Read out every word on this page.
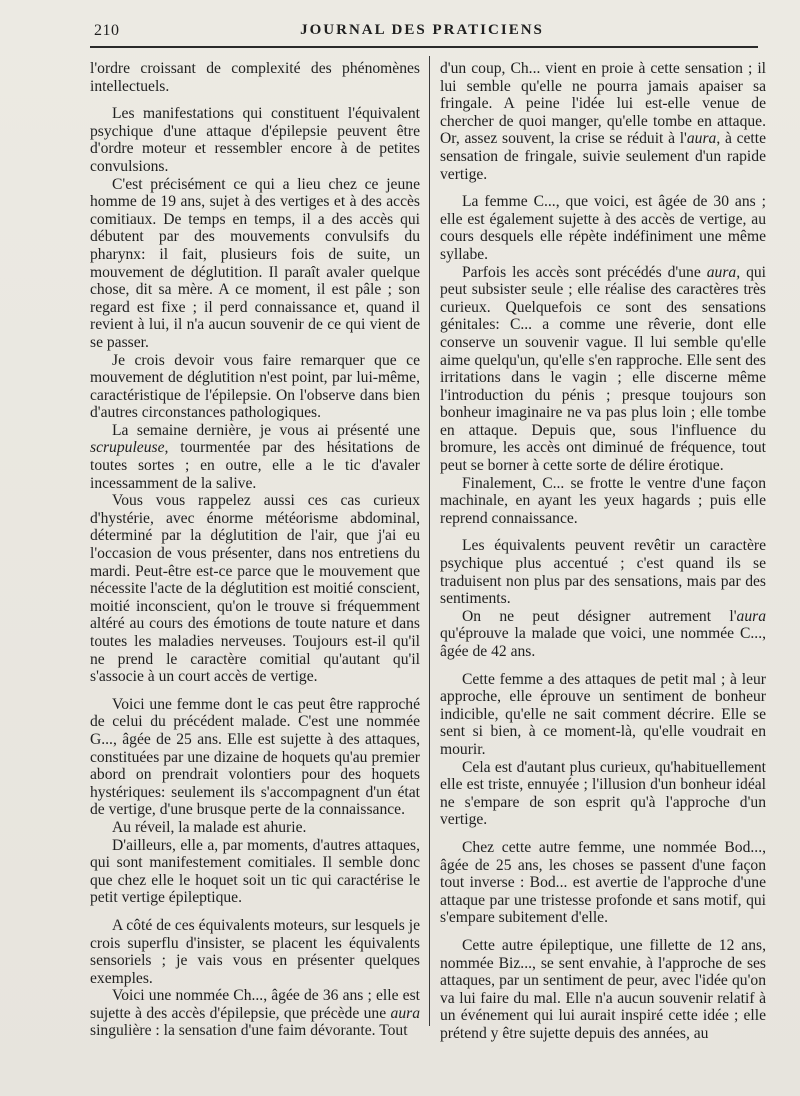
210	JOURNAL DES PRATICIENS

l'ordre croissant de complexité des phénomènes intellectuels.

Les manifestations qui constituent l'équivalent psychique d'une attaque d'épilepsie peuvent être d'ordre moteur et ressembler encore à de petites convulsions.

C'est précisément ce qui a lieu chez ce jeune homme de 19 ans, sujet à des vertiges et à des accès comitiaux. De temps en temps, il a des accès qui débutent par des mouvements convulsifs du pharynx: il fait, plusieurs fois de suite, un mouvement de déglutition. Il paraît avaler quelque chose, dit sa mère. A ce moment, il est pâle ; son regard est fixe ; il perd connaissance et, quand il revient à lui, il n'a aucun souvenir de ce qui vient de se passer.

Je crois devoir vous faire remarquer que ce mouvement de déglutition n'est point, par lui-même, caractéristique de l'épilepsie. On l'observe dans bien d'autres circonstances pathologiques.

La semaine dernière, je vous ai présenté une scrupuleuse, tourmentée par des hésitations de toutes sortes ; en outre, elle a le tic d'avaler incessamment de la salive.

Vous vous rappelez aussi ces cas curieux d'hystérie, avec énorme météorisme abdominal, déterminé par la déglutition de l'air, que j'ai eu l'occasion de vous présenter, dans nos entretiens du mardi. Peut-être est-ce parce que le mouvement que nécessite l'acte de la déglutition est moitié conscient, moitié inconscient, qu'on le trouve si fréquemment altéré au cours des émotions de toute nature et dans toutes les maladies nerveuses. Toujours est-il qu'il ne prend le caractère comitial qu'autant qu'il s'associe à un court accès de vertige.

Voici une femme dont le cas peut être rapproché de celui du précédent malade. C'est une nommée G..., âgée de 25 ans. Elle est sujette à des attaques, constituées par une dizaine de hoquets qu'au premier abord on prendrait volontiers pour des hoquets hystériques: seulement ils s'accompagnent d'un état de vertige, d'une brusque perte de la connaissance.

Au réveil, la malade est ahurie.

D'ailleurs, elle a, par moments, d'autres attaques, qui sont manifestement comitiales. Il semble donc que chez elle le hoquet soit un tic qui caractérise le petit vertige épileptique.

A côté de ces équivalents moteurs, sur lesquels je crois superflu d'insister, se placent les équivalents sensoriels ; je vais vous en présenter quelques exemples.

Voici une nommée Ch..., âgée de 36 ans ; elle est sujette à des accès d'épilepsie, que précède une aura singulière : la sensation d'une faim dévorante. Tout

d'un coup, Ch... vient en proie à cette sensation ; il lui semble qu'elle ne pourra jamais apaiser sa fringale. A peine l'idée lui est-elle venue de chercher de quoi manger, qu'elle tombe en attaque. Or, assez souvent, la crise se réduit à l'aura, à cette sensation de fringale, suivie seulement d'un rapide vertige.

La femme C..., que voici, est âgée de 30 ans ; elle est également sujette à des accès de vertige, au cours desquels elle répète indéfiniment une même syllabe.

Parfois les accès sont précédés d'une aura, qui peut subsister seule ; elle réalise des caractères très curieux. Quelquefois ce sont des sensations génitales: C... a comme une rêverie, dont elle conserve un souvenir vague. Il lui semble qu'elle aime quelqu'un, qu'elle s'en rapproche. Elle sent des irritations dans le vagin ; elle discerne même l'introduction du pénis ; presque toujours son bonheur imaginaire ne va pas plus loin ; elle tombe en attaque. Depuis que, sous l'influence du bromure, les accès ont diminué de fréquence, tout peut se borner à cette sorte de délire érotique.

Finalement, C... se frotte le ventre d'une façon machinale, en ayant les yeux hagards ; puis elle reprend connaissance.

Les équivalents peuvent revêtir un caractère psychique plus accentué ; c'est quand ils se traduisent non plus par des sensations, mais par des sentiments.

On ne peut désigner autrement l'aura qu'éprouve la malade que voici, une nommée C..., âgée de 42 ans.

Cette femme a des attaques de petit mal ; à leur approche, elle éprouve un sentiment de bonheur indicible, qu'elle ne sait comment décrire. Elle se sent si bien, à ce moment-là, qu'elle voudrait en mourir.

Cela est d'autant plus curieux, qu'habituellement elle est triste, ennuyée ; l'illusion d'un bonheur idéal ne s'empare de son esprit qu'à l'approche d'un vertige.

Chez cette autre femme, une nommée Bod..., âgée de 25 ans, les choses se passent d'une façon tout inverse : Bod... est avertie de l'approche d'une attaque par une tristesse profonde et sans motif, qui s'empare subitement d'elle.

Cette autre épileptique, une fillette de 12 ans, nommée Biz..., se sent envahie, à l'approche de ses attaques, par un sentiment de peur, avec l'idée qu'on va lui faire du mal. Elle n'a aucun souvenir relatif à un événement qui lui aurait inspiré cette idée ; elle prétend y être sujette depuis des années, au
